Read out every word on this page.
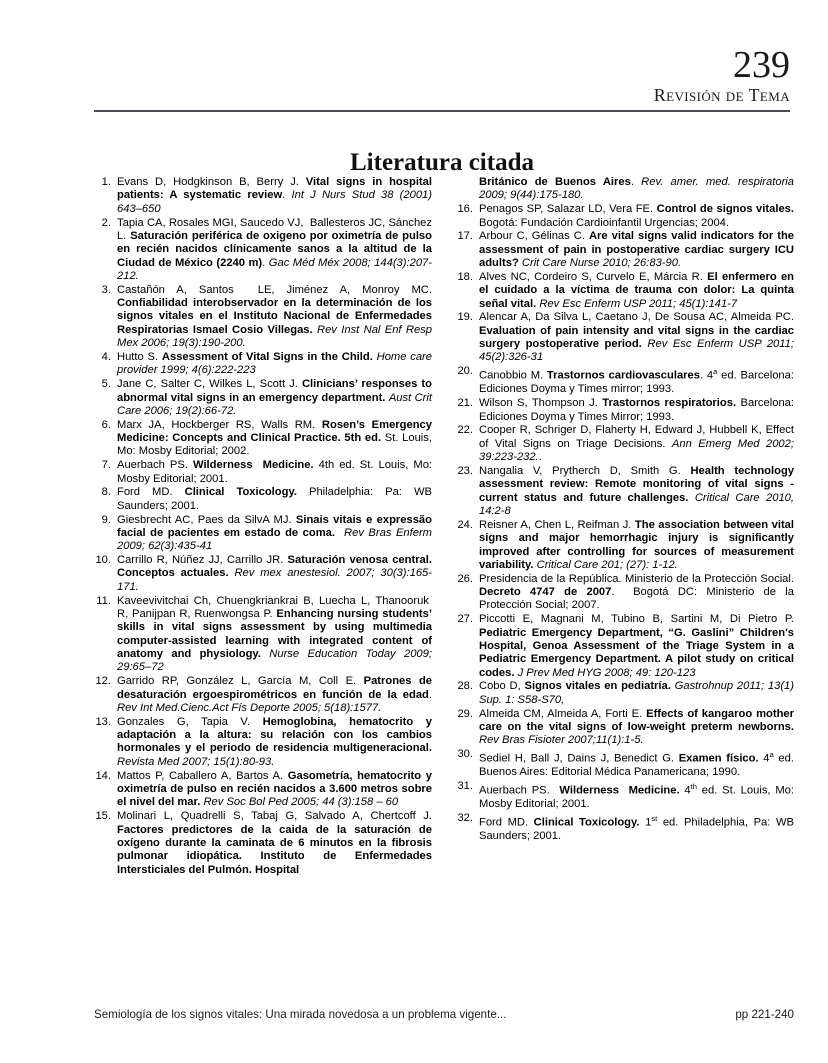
239
Revisión de Tema
Literatura citada
1. Evans D, Hodgkinson B, Berry J. Vital signs in hospital patients: A systematic review. Int J Nurs Stud 38 (2001) 643–650
2. Tapia CA, Rosales MGI, Saucedo VJ,  Ballesteros JC, Sánchez L. Saturación periférica de oxigeno por oximetría de pulso en recién nacidos clínicamente sanos a la altitud de la Ciudad de México (2240 m). Gac Méd Méx 2008; 144(3):207-212.
3. Castañón A, Santos  LE, Jiménez A, Monroy MC. Confiabilidad interobservador en la determinación de los signos vitales en el Instituto Nacional de Enfermedades Respiratorias Ismael Cosio Villegas. Rev Inst Nal Enf Resp Mex 2006; 19(3):190-200.
4. Hutto S. Assessment of Vital Signs in the Child. Home care provider 1999; 4(6):222-223
5. Jane C, Salter C, Wilkes L, Scott J. Clinicians’ responses to abnormal vital signs in an emergency department. Aust Crit Care 2006; 19(2):66-72.
6. Marx JA, Hockberger RS, Walls RM. Rosen’s Emergency Medicine: Concepts and Clinical Practice. 5th ed. St. Louis, Mo: Mosby Editorial; 2002.
7. Auerbach PS. Wilderness  Medicine. 4th ed. St. Louis, Mo: Mosby Editorial; 2001.
8. Ford MD. Clinical Toxicology. Philadelphia: Pa: WB Saunders; 2001.
9. Giesbrecht AC, Paes da SilvA MJ. Sinais vitais e expressão facial de pacientes em estado de coma. Rev Bras Enferm 2009; 62(3):435-41
10. Carrillo R, Núñez JJ, Carrillo JR. Saturación venosa central. Conceptos actuales. Rev mex anestesiol. 2007; 30(3):165-171.
11. Kaveevivitchai Ch, Chuengkriankrai B, Luecha L, Thanooruk  R, Panijpan R, Ruenwongsa P. Enhancing nursing students’ skills in vital signs assessment by using multimedia computer-assisted learning with integrated content of anatomy and physiology. Nurse Education Today 2009; 29:65–72
12. Garrido RP, González L, García M, Coll E. Patrones de desaturación ergoespirométricos en función de la edad. Rev Int Med.Cienc.Act Fís Deporte 2005; 5(18):1577.
13. Gonzales G, Tapia V. Hemoglobina, hematocrito y adaptación a la altura: su relación con los cambios hormonales y el periodo de residencia multigeneracional. Revista Med 2007; 15(1):80-93.
14. Mattos P, Caballero A, Bartos A. Gasometría, hematocrito y oximetría de pulso en recién nacidos a 3.600 metros sobre el nivel del mar. Rev Soc Bol Ped 2005; 44 (3):158 – 60
15. Molinari L, Quadrelli S, Tabaj G, Salvado A, Chertcoff J. Factores predictores de la caida de la saturación de oxígeno durante la caminata de 6 minutos en la fibrosis pulmonar idiopática. Instituto de Enfermedades Intersticiales del Pulmón. Hospital
Británico de Buenos Aires. Rev. amer. med. respiratoria 2009; 9(44):175-180.
16. Penagos SP, Salazar LD, Vera FE. Control de signos vitales. Bogotá: Fundación Cardioinfantil Urgencias; 2004.
17. Arbour C, Gélinas C. Are vital signs valid indicators for the assessment of pain in postoperative cardiac surgery ICU adults? Crit Care Nurse 2010; 26:83-90.
18. Alves NC, Cordeiro S, Curvelo E, Márcia R. El enfermero en el cuidado a la víctima de trauma con dolor: La quinta señal vital. Rev Esc Enferm USP 2011; 45(1):141-7
19. Alencar A, Da Silva L, Caetano J, De Sousa AC, Almeida PC. Evaluation of pain intensity and vital signs in the cardiac surgery postoperative period. Rev Esc Enferm USP 2011; 45(2):326-31
20. Canobbio M. Trastornos cardiovasculares. 4$^a$ ed. Barcelona: Ediciones Doyma y Times mirror; 1993.
21. Wilson S, Thompson J. Trastornos respiratorios. Barcelona: Ediciones Doyma y Times Mirror; 1993.
22. Cooper R, Schriger D, Flaherty H, Edward J, Hubbell K, Effect of Vital Signs on Triage Decisions. Ann Emerg Med 2002; 39:223-232..
23. Nangalia V, Prytherch D, Smith G. Health technology assessment review: Remote monitoring of vital signs - current status and future challenges. Critical Care 2010, 14:2-8
24. Reisner A, Chen L, Reifman J. The association between vital signs and major hemorrhagic injury is significantly improved after controlling for sources of measurement variability. Critical Care 201; (27): 1-12.
26. Presidencia de la República. Ministerio de la Protección Social. Decreto 4747 de 2007.  Bogotá DC: Ministerio de la Protección Social; 2007.
27. Piccotti E, Magnani M, Tubino B, Sartini M, Di Pietro P. Pediatric Emergency Department, “G. Gaslini” Children's Hospital, Genoa Assessment of the Triage System in a Pediatric Emergency Department. A pilot study on critical codes. J Prev Med HYG 2008; 49: 120-123
28. Cobo D, Signos vitales en pediatría. Gastrohnup 2011; 13(1) Sup. 1: S58-S70,
29. Almeida CM, Almeida A, Forti E. Effects of kangaroo mother care on the vital signs of low-weight preterm newborns. Rev Bras Fisioter 2007;11(1):1-5.
30. Sediel H, Ball J, Dains J, Benedict G. Examen físico. 4$^a$ ed. Buenos Aires: Editorial Médica Panamericana; 1990.
31. Auerbach PS.  Wilderness  Medicine. 4th ed. St. Louis, Mo: Mosby Editorial; 2001.
32. Ford MD. Clinical Toxicology. 1st ed. Philadelphia, Pa: WB Saunders; 2001.
Semiología de los signos vitales: Una mirada novedosa a un problema vigente...	pp 221-240
